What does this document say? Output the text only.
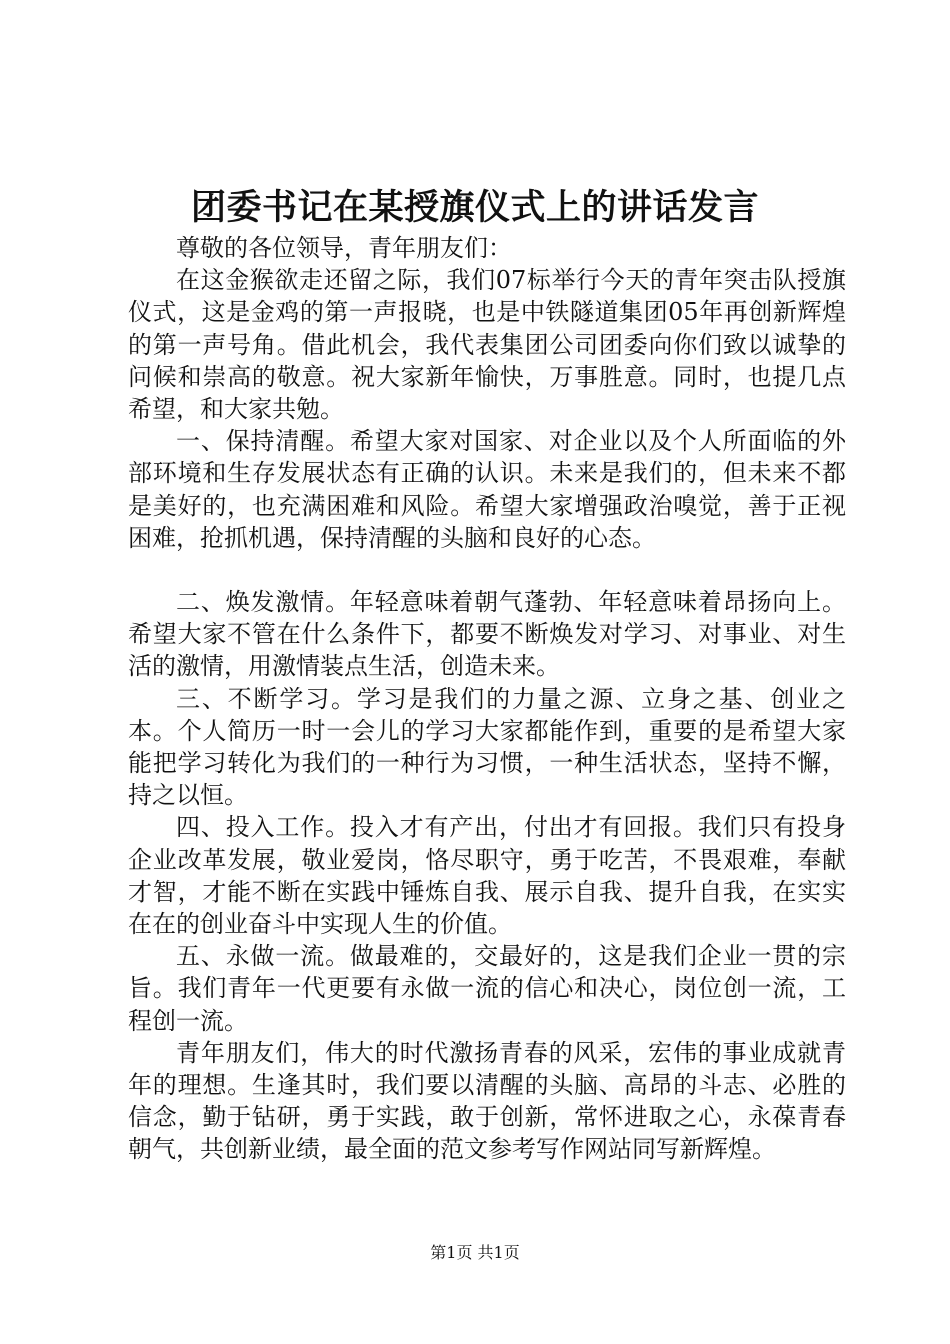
团委书记在某授旗仪式上的讲话发言

尊敬的各位领导，青年朋友们：

在这金猴欲走还留之际，我们07标举行今天的青年突击队授旗仪式，这是金鸡的第一声报晓，也是中铁隧道集团05年再创新辉煌的第一声号角。借此机会，我代表集团公司团委向你们致以诚挚的问候和崇高的敬意。祝大家新年愉快，万事胜意。同时，也提几点希望，和大家共勉。

一、保持清醒。希望大家对国家、对企业以及个人所面临的外部环境和生存发展状态有正确的认识。未来是我们的，但未来不都是美好的，也充满困难和风险。希望大家增强政治嗅觉，善于正视困难，抢抓机遇，保持清醒的头脑和良好的心态。

二、焕发激情。年轻意味着朝气蓬勃、年轻意味着昂扬向上。希望大家不管在什么条件下，都要不断焕发对学习、对事业、对生活的激情，用激情装点生活，创造未来。

三、不断学习。学习是我们的力量之源、立身之基、创业之本。个人简历一时一会儿的学习大家都能作到，重要的是希望大家能把学习转化为我们的一种行为习惯，一种生活状态，坚持不懈，持之以恒。

四、投入工作。投入才有产出，付出才有回报。我们只有投身企业改革发展，敬业爱岗，恪尽职守，勇于吃苦，不畏艰难，奉献才智，才能不断在实践中锤炼自我、展示自我、提升自我，在实实在在的创业奋斗中实现人生的价值。

五、永做一流。做最难的，交最好的，这是我们企业一贯的宗旨。我们青年一代更要有永做一流的信心和决心，岗位创一流，工程创一流。

青年朋友们，伟大的时代激扬青春的风采，宏伟的事业成就青年的理想。生逢其时，我们要以清醒的头脑、高昂的斗志、必胜的信念，勤于钻研，勇于实践，敢于创新，常怀进取之心，永葆青春朝气，共创新业绩，最全面的范文参考写作网站同写新辉煌。

第1页 共1页
